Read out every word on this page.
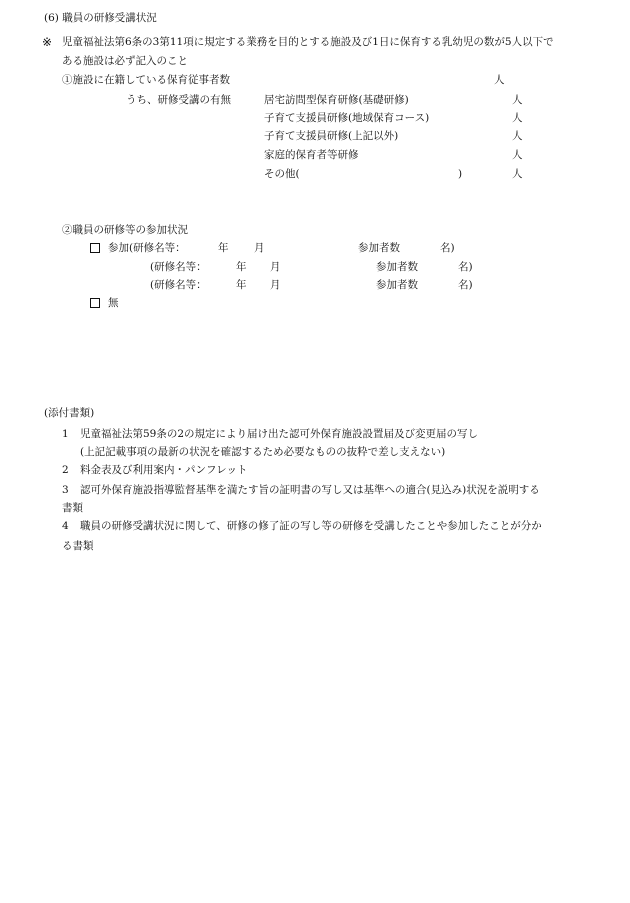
(6) 職員の研修受講状況
※ 児童福祉法第6条の3第11項に規定する業務を目的とする施設及び1日に保育する乳幼児の数が5人以下で
ある施設は必ず記入のこと
①施設に在籍している保育従事者数	人
うち、研修受講の有無	居宅訪問型保育研修(基礎研修)	人
子育て支援員研修(地域保育コース)	人
子育て支援員研修(上記以外)	人
家庭的保育者等研修	人
その他(	)	人
②職員の研修等の参加状況
参加(研修名等：	年 月	参加者数	名)
(研修名等：	年 月	参加者数	名)
(研修名等：	年 月	参加者数	名)
無
(添付書類)
1 児童福祉法第59条の2の規定により届け出た認可外保育施設設置届及び変更届の写し
(上記記載事項の最新の状況を確認するため必要なものの抜粋で差し支えない)
2 料金表及び利用案内・パンフレット
3 認可外保育施設指導監督基準を満たす旨の証明書の写し又は基準への適合(見込み)状況を説明する
書類
4 職員の研修受講状況に関して、研修の修了証の写し等の研修を受講したことや参加したことが分か
る書類
